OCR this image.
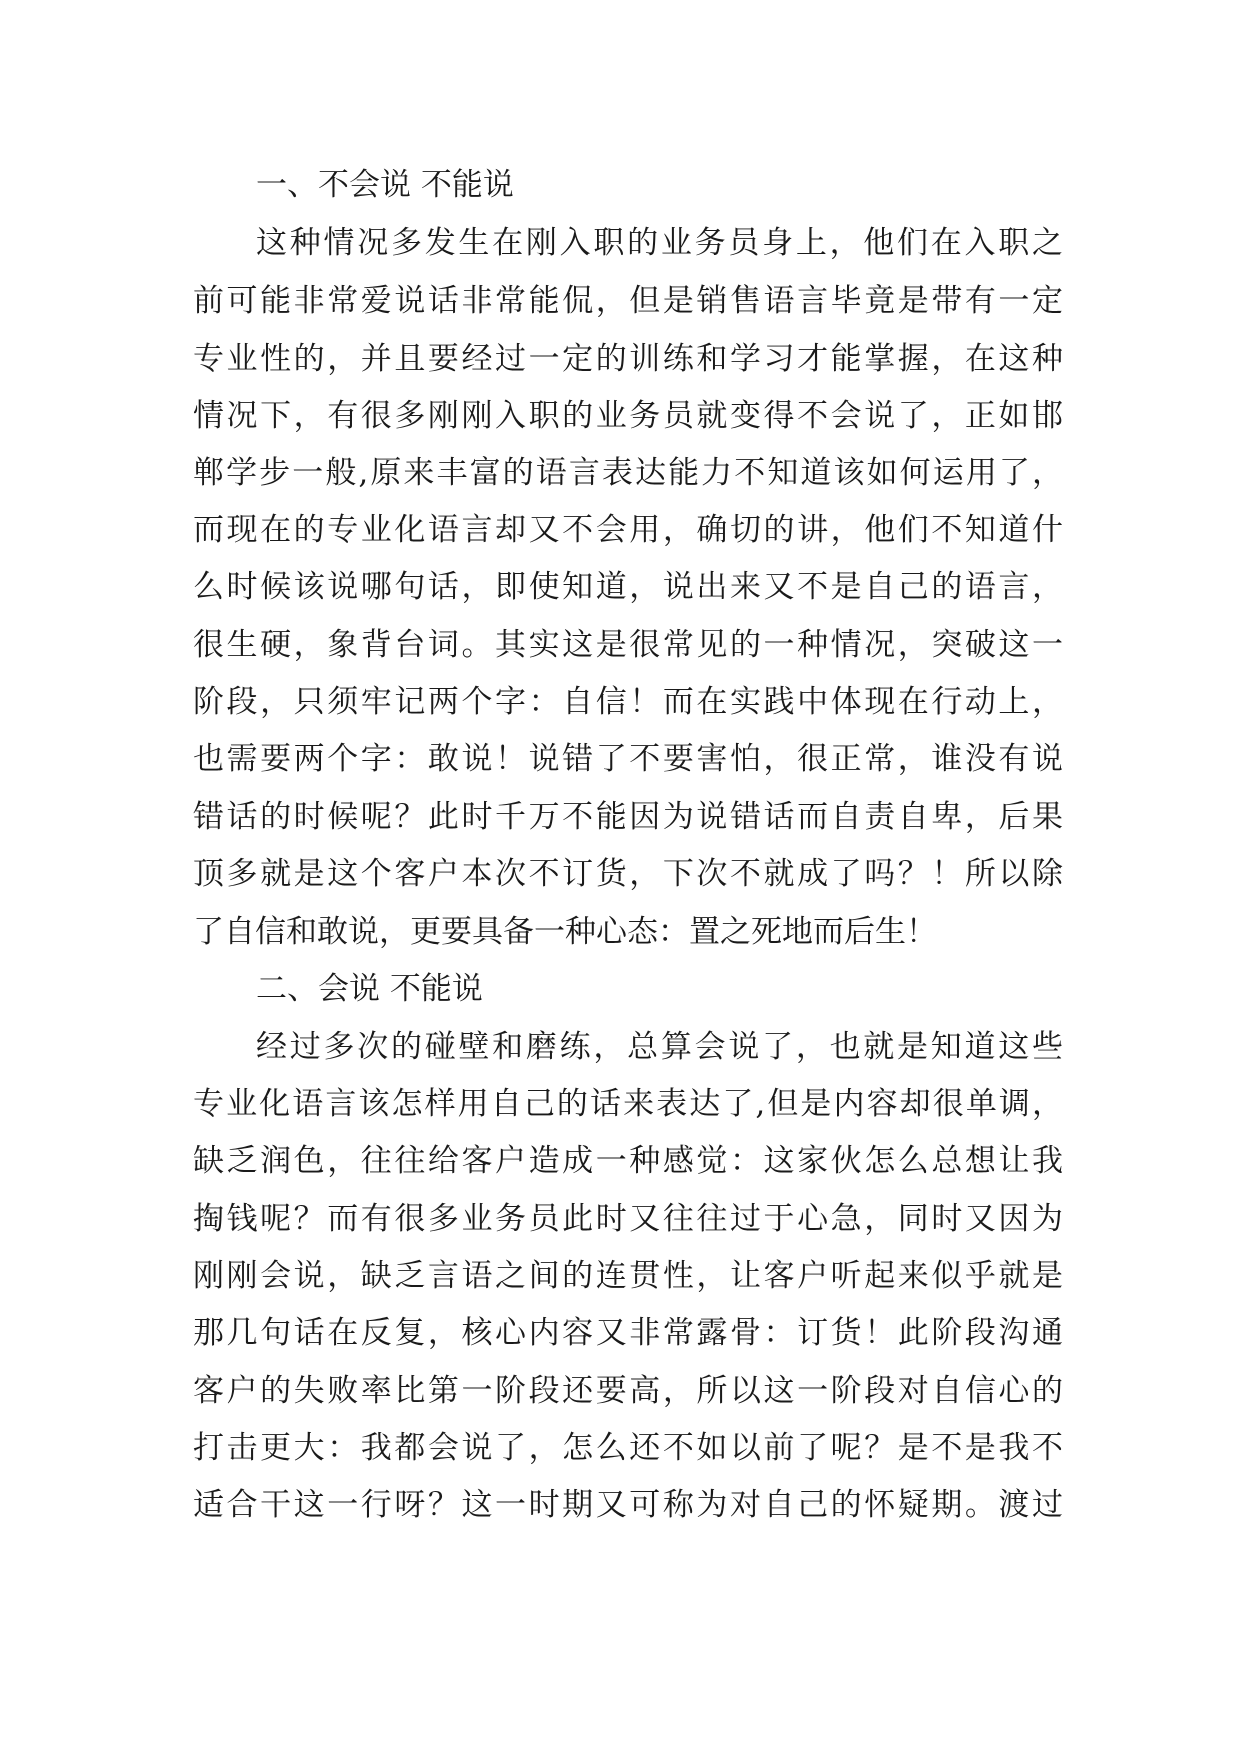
一、不会说 不能说
这种情况多发生在刚入职的业务员身上，他们在入职之
前可能非常爱说话非常能侃，但是销售语言毕竟是带有一定
专业性的，并且要经过一定的训练和学习才能掌握，在这种
情况下，有很多刚刚入职的业务员就变得不会说了，正如邯
郸学步一般,原来丰富的语言表达能力不知道该如何运用了，
而现在的专业化语言却又不会用，确切的讲，他们不知道什
么时候该说哪句话，即使知道，说出来又不是自己的语言，
很生硬，象背台词。其实这是很常见的一种情况，突破这一
阶段，只须牢记两个字：自信！而在实践中体现在行动上，
也需要两个字：敢说！说错了不要害怕，很正常，谁没有说
错话的时候呢？此时千万不能因为说错话而自责自卑，后果
顶多就是这个客户本次不订货，下次不就成了吗？！所以除
了自信和敢说，更要具备一种心态：置之死地而后生！
二、会说 不能说
经过多次的碰壁和磨练，总算会说了，也就是知道这些
专业化语言该怎样用自己的话来表达了,但是内容却很单调，
缺乏润色，往往给客户造成一种感觉：这家伙怎么总想让我
掏钱呢？而有很多业务员此时又往往过于心急，同时又因为
刚刚会说，缺乏言语之间的连贯性，让客户听起来似乎就是
那几句话在反复，核心内容又非常露骨：订货！此阶段沟通
客户的失败率比第一阶段还要高，所以这一阶段对自信心的
打击更大：我都会说了，怎么还不如以前了呢？是不是我不
适合干这一行呀？这一时期又可称为对自己的怀疑期。渡过
